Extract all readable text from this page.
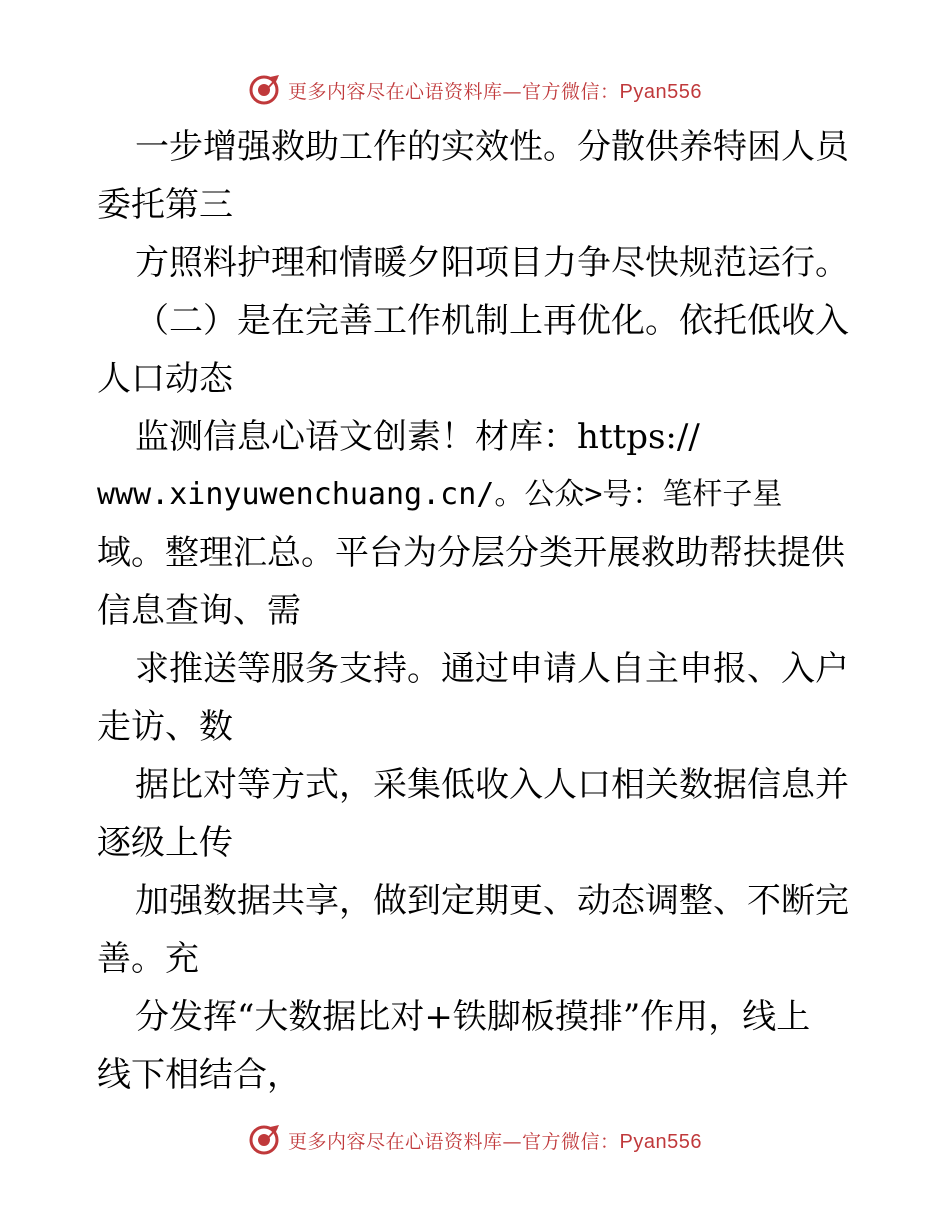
更多内容尽在心语资料库—官方微信：Pyan556
一步增强救助工作的实效性。分散供养特困人员
委托第三
方照料护理和情暖夕阳项目力争尽快规范运行。
（二）是在完善工作机制上再优化。依托低收入
人口动态
监测信息心语文创素！材库：https://
www.xinyuwenchuang.cn/。公众>号：笔杆子星
域。整理汇总。平台为分层分类开展救助帮扶提供
信息查询、需
求推送等服务支持。通过申请人自主申报、入户
走访、数
据比对等方式，采集低收入人口相关数据信息并
逐级上传
加强数据共享，做到定期更、动态调整、不断完
善。充
分发挥“大数据比对+铁脚板摸排”作用，线上
线下相结合，
更多内容尽在心语资料库—官方微信：Pyan556
